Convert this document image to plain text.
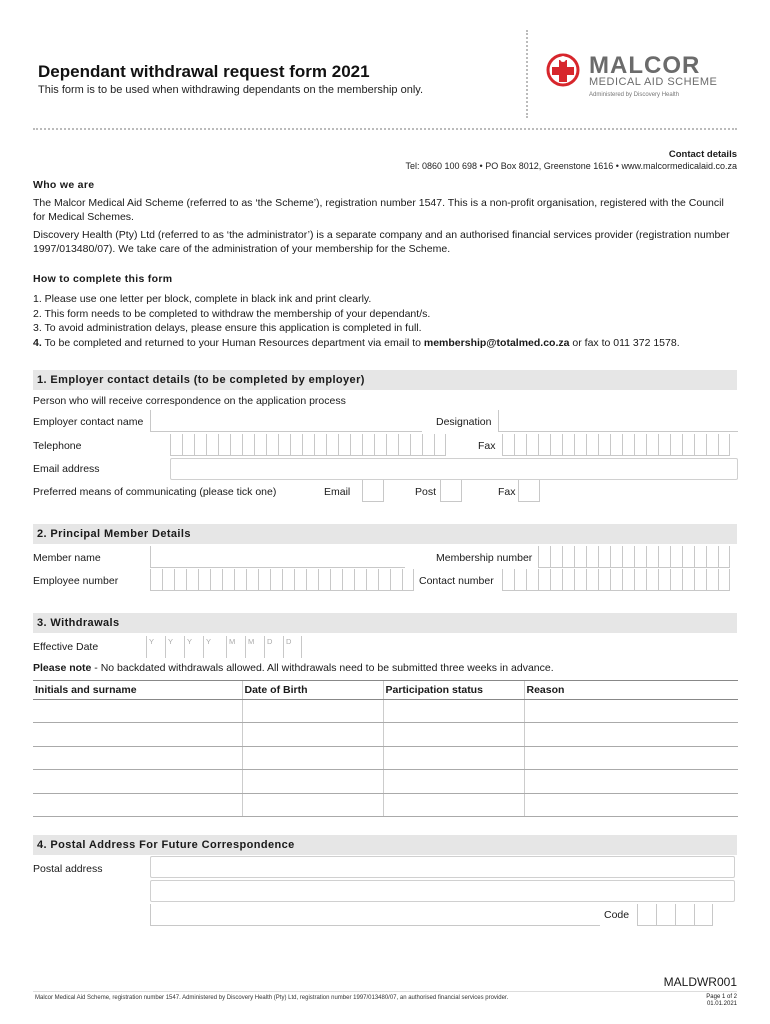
Dependant withdrawal request form 2021
This form is to be used when withdrawing dependants on the membership only.
MALCOR
MEDICAL AID SCHEME
Administered by Discovery Health
Contact details
Tel: 0860 100 698 • PO Box 8012, Greenstone 1616 • www.malcormedicalaid.co.za
Who we are

The Malcor Medical Aid Scheme (referred to as ‘the Scheme’), registration number 1547. This is a non-profit organisation, registered with the Council for Medical Schemes.

Discovery Health (Pty) Ltd (referred to as ‘the administrator’) is a separate company and an authorised financial services provider (registration number 1997/013480/07). We take care of the administration of your membership for the Scheme.

How to complete this form
1. Please use one letter per block, complete in black ink and print clearly.
2. This form needs to be completed to withdraw the membership of your dependant/s.
3. To avoid administration delays, please ensure this application is completed in full.
4. To be completed and returned to your Human Resources department via email to membership@totalmed.co.za or fax to 011 372 1578.
1. Employer contact details (to be completed by employer)
Person who will receive correspondence on the application process
Employer contact name	Designation
Telephone	Fax
Email address
Preferred means of communicating (please tick one)	Email	Post	Fax
2. Principal Member Details
Member name	Membership number
Employee number	Contact number
3. Withdrawals
Effective Date	Y	Y	Y	Y	M	M	D	D
Please note - No backdated withdrawals allowed. All withdrawals need to be submitted three weeks in advance.
Initials and surname	Date of Birth	Participation status	Reason

4. Postal Address For Future Correspondence
Postal address
Code
MALDWR001
Malcor Medical Aid Scheme, registration number 1547. Administered by Discovery Health (Pty) Ltd, registration number 1997/013480/07, an authorised financial services provider.	Page 1 of 2
01.01.2021
